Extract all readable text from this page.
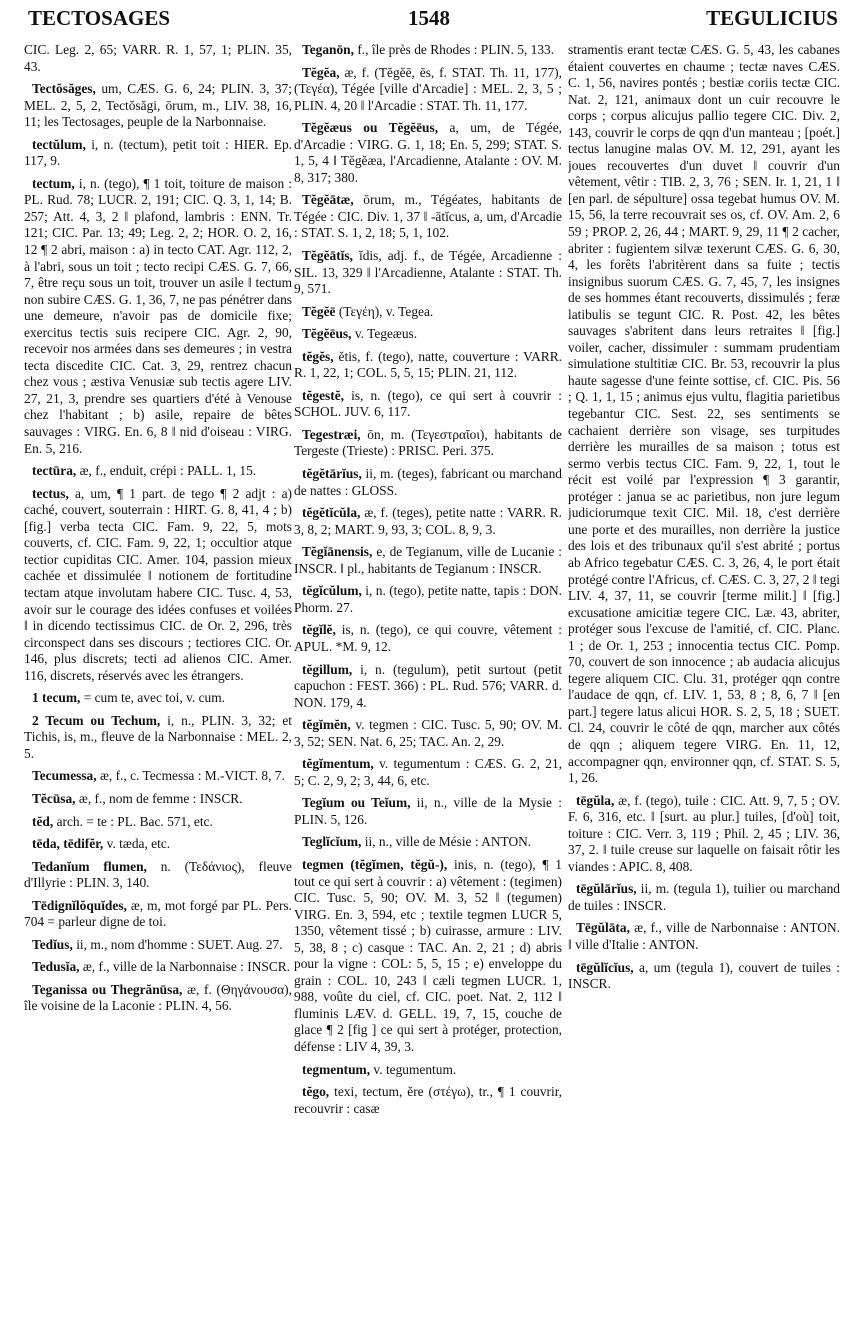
TECTOSAGES	1548	TEGULICIUS

CIC. Leg. 2, 65; VARR. R. 1, 57, 1; PLIN. 35, 43.

Tectŏsăges, um, CÆS. G. 6, 24; PLIN. 3, 37; MEL. 2, 5, 2, Tectŏsăgi, ōrum, m., LIV. 38, 16, 11; les Tectosages, peuple de la Narbonnaise.

tectŭlum, i, n. (tectum), petit toit : HIER. Ep. 117, 9.

tectum, i, n. (tego), ¶ 1 toit, toiture de maison : PL. Rud. 78; LUCR. 2, 191; CIC. Q. 3, 1, 14; B. 257; Att. 4, 3, 2 ‖ plafond, lambris : ENN. Tr. 121; CIC. Par. 13; 49; Leg. 2, 2; HOR. O. 2, 16, 12 ¶ 2 abri, maison : a) in tecto CAT. Agr. 112, 2, à l'abri, sous un toit ; tecto recipi CÆS. G. 7, 66, 7, être reçu sous un toit, trouver un asile ‖ tectum non subire CÆS. G. 1, 36, 7, ne pas pénétrer dans une demeure, n'avoir pas de domicile fixe; exercitus tectis suis recipere CIC. Agr. 2, 90, recevoir nos armées dans ses demeures ; in vestra tecta discedite CIC. Cat. 3, 29, rentrez chacun chez vous ; æstiva Venusiæ sub tectis agere LIV. 27, 21, 3, prendre ses quartiers d'été à Venouse chez l'habitant ; b) asile, repaire de bêtes sauvages : VIRG. En. 6, 8 ‖ nid d'oiseau : VIRG. En. 5, 216.

tectūra, æ, f., enduit, crépi : PALL. 1, 15.

tectus, a, um, ¶ 1 part. de tego ¶ 2 adjt : a) caché, couvert, souterrain : HIRT. G. 8, 41, 4 ; b) [fig.] verba tecta CIC. Fam. 9, 22, 5, mots couverts, cf. CIC. Fam. 9, 22, 1; occultior atque tectior cupiditas CIC. Amer. 104, passion mieux cachée et dissimulée ‖ notionem de fortitudine tectam atque involutam habere CIC. Tusc. 4, 53, avoir sur le courage des idées confuses et voilées ‖ in dicendo tectissimus CIC. de Or. 2, 296, très circonspect dans ses discours ; tectiores CIC. Or. 146, plus discrets; tecti ad alienos CIC. Amer. 116, discrets, réservés avec les étrangers.

1 tecum, = cum te, avec toi, v. cum.

2 Tecum ou Techum, i, n., PLIN. 3, 32; et Tichis, is, m., fleuve de la Narbonnaise : MEL. 2, 5.

Tecumessa, æ, f., c. Tecmessa : M.-VICT. 8, 7.

Tĕcūsa, æ, f., nom de femme : INSCR.

tĕd, arch. = te : PL. Bac. 571, etc.

tēda, tēdifĕr, v. tæda, etc.

Tedanĭum flumen, n. (Τεδάνιος), fleuve d'Illyrie : PLIN. 3, 140.

Tēdignĭlŏquĭdes, æ, m, mot forgé par PL. Pers. 704 = parleur digne de toi.

Tedĭus, ii, m., nom d'homme : SUET. Aug. 27.

Tedusĭa, æ, f., ville de la Narbonnaise : INSCR.

Teganissa ou Thegrănūsa, æ, f. (Θηγάνουσα), île voisine de la Laconie : PLIN. 4, 56.

Teganōn, f., île près de Rhodes : PLIN. 5, 133.

Tĕgĕa, æ, f. (Tĕgĕē, ēs, f. STAT. Th. 11, 177), (Τεγέα), Tégée [ville d'Arcadie] : MEL. 2, 3, 5 ; PLIN. 4, 20 ‖ l'Arcadie : STAT. Th. 11, 177.

Tĕgĕæus ou Tĕgĕēus, a, um, de Tégée, d'Arcadie : VIRG. G. 1, 18; En. 5, 299; STAT. S. 1, 5, 4 ‖ Tĕgĕæa, l'Arcadienne, Atalante : OV. M. 8, 317; 380.

Tĕgĕātæ, ōrum, m., Tégéates, habitants de Tégée : CIC. Div. 1, 37 ‖ -ātĭcus, a, um, d'Arcadie : STAT. S. 1, 2, 18; 5, 1, 102.

Tĕgĕātĭs, ĭdis, adj. f., de Tégée, Arcadienne : SIL. 13, 329 ‖ l'Arcadienne, Atalante : STAT. Th. 9, 571.

Tĕgĕē (Τεγέη), v. Tegea.

Tĕgĕēus, v. Tegeæus.

tĕgĕs, ĕtis, f. (tego), natte, couverture : VARR. R. 1, 22, 1; COL. 5, 5, 15; PLIN. 21, 112.

tĕgestĕ, is, n. (tego), ce qui sert à couvrir : SCHOL. JUV. 6, 117.

Tegestræi, ōn, m. (Τεγεστραῖοι), habitants de Tergeste (Trieste) : PRISC. Peri. 375.

tĕgĕtārĭus, ii, m. (teges), fabricant ou marchand de nattes : GLOSS.

tĕgĕtĭcŭla, æ, f. (teges), petite natte : VARR. R. 3, 8, 2; MART. 9, 93, 3; COL. 8, 9, 3.

Tĕgĭānensis, e, de Tegianum, ville de Lucanie : INSCR. ‖ pl., habitants de Tegianum : INSCR.

tĕgĭcŭlum, i, n. (tego), petite natte, tapis : DON. Phorm. 27.

tĕgĭlĕ, is, n. (tego), ce qui couvre, vêtement : APUL. *M. 9, 12.

tĕgillum, i, n. (tegulum), petit surtout (petit capuchon : FEST. 366) : PL. Rud. 576; VARR. d. NON. 179, 4.

tĕgĭmĕn, v. tegmen : CIC. Tusc. 5, 90; OV. M. 3, 52; SEN. Nat. 6, 25; TAC. An. 2, 29.

tĕgĭmentum, v. tegumentum : CÆS. G. 2, 21, 5; C. 2, 9, 2; 3, 44, 6, etc.

Tegĭum ou Teĭum, ii, n., ville de la Mysie : PLIN. 5, 126.

Teglĭcĭum, ii, n., ville de Mésie : ANTON.

tegmen (tĕgĭmen, tĕgŭ-), inis, n. (tego), ¶ 1 tout ce qui sert à couvrir : a) vêtement : (tegimen) CIC. Tusc. 5, 90; OV. M. 3, 52 ‖ (tegumen) VIRG. En. 3, 594, etc ; textile tegmen LUCR 5, 1350, vêtement tissé ; b) cuirasse, armure : LIV. 5, 38, 8 ; c) casque : TAC. An. 2, 21 ; d) abris pour la vigne : COL: 5, 5, 15 ; e) enveloppe du grain : COL. 10, 243 ‖ cæli tegmen LUCR. 1, 988, voûte du ciel, cf. CIC. poet. Nat. 2, 112 ‖ fluminis LÆV. d. GELL. 19, 7, 15, couche de glace ¶ 2 [fig ] ce qui sert à protéger, protection, défense : LIV 4, 39, 3.

tegmentum, v. tegumentum.

tĕgo, texi, tectum, ĕre (στέγω), tr., ¶ 1 couvrir, recouvrir : casæ

stramentis erant tectæ CÆS. G. 5, 43, les cabanes étaient couvertes en chaume ; tectæ naves CÆS. C. 1, 56, navires pontés ; bestiæ coriis tectæ CIC. Nat. 2, 121, animaux dont un cuir recouvre le corps ; corpus alicujus pallio tegere CIC. Div. 2, 143, couvrir le corps de qqn d'un manteau ; [poét.] tectus lanugine malas OV. M. 12, 291, ayant les joues recouvertes d'un duvet ‖ couvrir d'un vêtement, vêtir : TIB. 2, 3, 76 ; SEN. Ir. 1, 21, 1 ‖ [en parl. de sépulture] ossa tegebat humus OV. M. 15, 56, la terre recouvrait ses os, cf. OV. Am. 2, 6 59 ; PROP. 2, 26, 44 ; MART. 9, 29, 11 ¶ 2 cacher, abriter : fugientem silvæ texerunt CÆS. G. 6, 30, 4, les forêts l'abritèrent dans sa fuite ; tectis insignibus suorum CÆS. G. 7, 45, 7, les insignes de ses hommes étant recouverts, dissimulés ; feræ latibulis se tegunt CIC. R. Post. 42, les bêtes sauvages s'abritent dans leurs retraites ‖ [fig.] voiler, cacher, dissimuler : summam prudentiam simulatione stultitiæ CIC. Br. 53, recouvrir la plus haute sagesse d'une feinte sottise, cf. CIC. Pis. 56 ; Q. 1, 1, 15 ; animus ejus vultu, flagitia parietibus tegebantur CIC. Sest. 22, ses sentiments se cachaient derrière son visage, ses turpitudes derrière les murailles de sa maison ; totus est sermo verbis tectus CIC. Fam. 9, 22, 1, tout le récit est voilé par l'expression ¶ 3 garantir, protéger : janua se ac parietibus, non jure legum judiciorumque texit CIC. Mil. 18, c'est derrière une porte et des murailles, non derrière la justice des lois et des tribunaux qu'il s'est abrité ; portus ab Africo tegebatur CÆS. C. 3, 26, 4, le port était protégé contre l'Africus, cf. CÆS. C. 3, 27, 2 ‖ tegi LIV. 4, 37, 11, se couvrir [terme milit.] ‖ [fig.] excusatione amicitiæ tegere CIC. Læ. 43, abriter, protéger sous l'excuse de l'amitié, cf. CIC. Planc. 1 ; de Or. 1, 253 ; innocentia tectus CIC. Pomp. 70, couvert de son innocence ; ab audacia alicujus tegere aliquem CIC. Clu. 31, protéger qqn contre l'audace de qqn, cf. LIV. 1, 53, 8 ; 8, 6, 7 ‖ [en part.] tegere latus alicui HOR. S. 2, 5, 18 ; SUET. Cl. 24, couvrir le côté de qqn, marcher aux côtés de qqn ; aliquem tegere VIRG. En. 11, 12, accompagner qqn, environner qqn, cf. STAT. S. 5, 1, 26.

tēgŭla, æ, f. (tego), tuile : CIC. Att. 9, 7, 5 ; OV. F. 6, 316, etc. ‖ [surt. au plur.] tuiles, [d'où] toit, toiture : CIC. Verr. 3, 119 ; Phil. 2, 45 ; LIV. 36, 37, 2. ‖ tuile creuse sur laquelle on faisait rôtir les viandes : APIC. 8, 408.

tēgŭlārĭus, ii, m. (tegula 1), tuilier ou marchand de tuiles : INSCR.

Tēgŭlāta, æ, f., ville de Narbonnaise : ANTON. ‖ ville d'Italie : ANTON.

tēgŭlĭcĭus, a, um (tegula 1), couvert de tuiles : INSCR.
